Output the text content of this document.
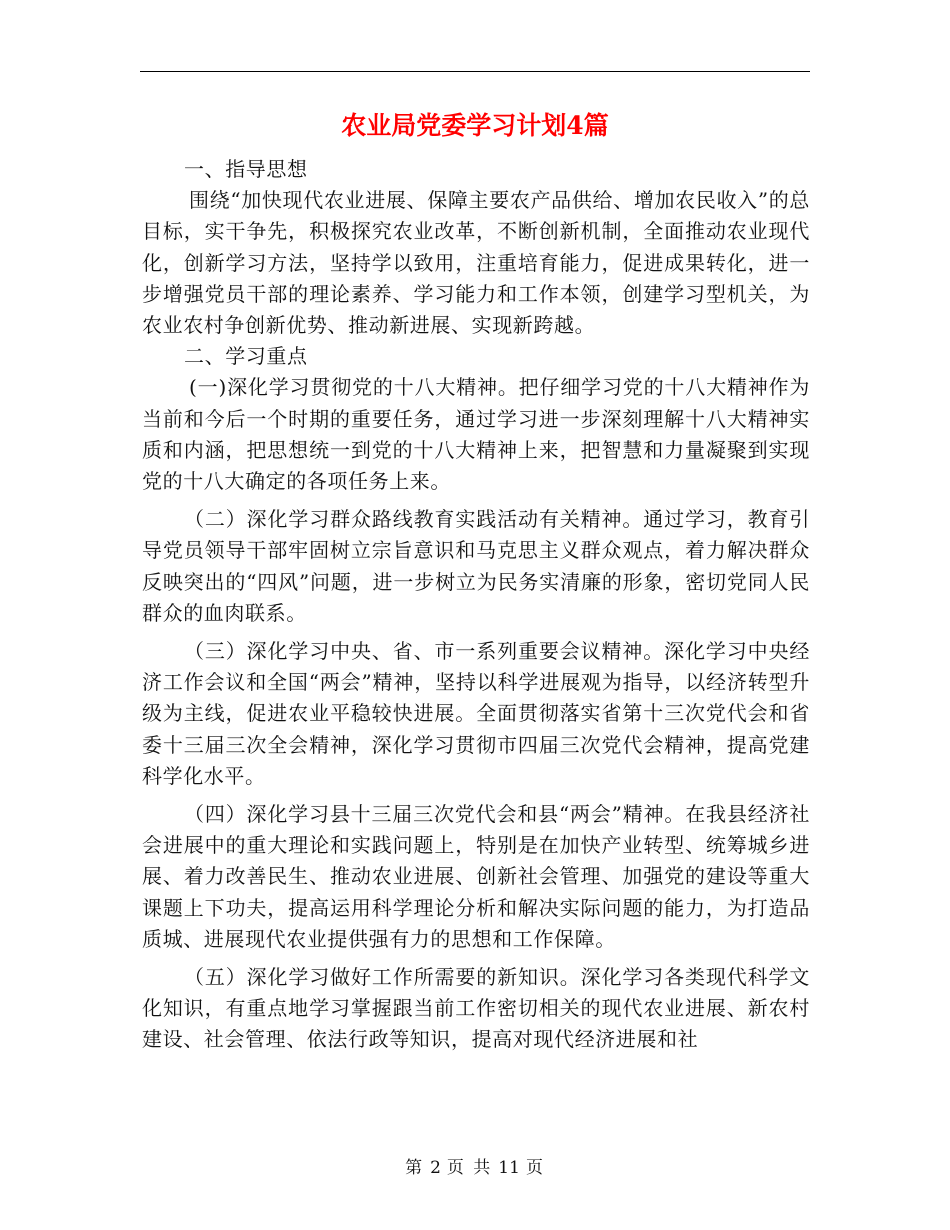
农业局党委学习计划4篇

一、指导思想

围绕“加快现代农业进展、保障主要农产品供给、增加农民收入”的总目标，实干争先，积极探究农业改革，不断创新机制，全面推动农业现代化，创新学习方法，坚持学以致用，注重培育能力，促进成果转化，进一步增强党员干部的理论素养、学习能力和工作本领，创建学习型机关，为农业农村争创新优势、推动新进展、实现新跨越。

二、学习重点

(一)深化学习贯彻党的十八大精神。把仔细学习党的十八大精神作为当前和今后一个时期的重要任务，通过学习进一步深刻理解十八大精神实质和内涵，把思想统一到党的十八大精神上来，把智慧和力量凝聚到实现党的十八大确定的各项任务上来。

（二）深化学习群众路线教育实践活动有关精神。通过学习，教育引导党员领导干部牢固树立宗旨意识和马克思主义群众观点，着力解决群众反映突出的“四风”问题，进一步树立为民务实清廉的形象，密切党同人民群众的血肉联系。

（三）深化学习中央、省、市一系列重要会议精神。深化学习中央经济工作会议和全国“两会”精神，坚持以科学进展观为指导，以经济转型升级为主线，促进农业平稳较快进展。全面贯彻落实省第十三次党代会和省委十三届三次全会精神，深化学习贯彻市四届三次党代会精神，提高党建科学化水平。

（四）深化学习县十三届三次党代会和县“两会”精神。在我县经济社会进展中的重大理论和实践问题上，特别是在加快产业转型、统筹城乡进展、着力改善民生、推动农业进展、创新社会管理、加强党的建设等重大课题上下功夫，提高运用科学理论分析和解决实际问题的能力，为打造品质城、进展现代农业提供强有力的思想和工作保障。

（五）深化学习做好工作所需要的新知识。深化学习各类现代科学文化知识，有重点地学习掌握跟当前工作密切相关的现代农业进展、新农村建设、社会管理、依法行政等知识，提高对现代经济进展和社

第 2 页 共 11 页
